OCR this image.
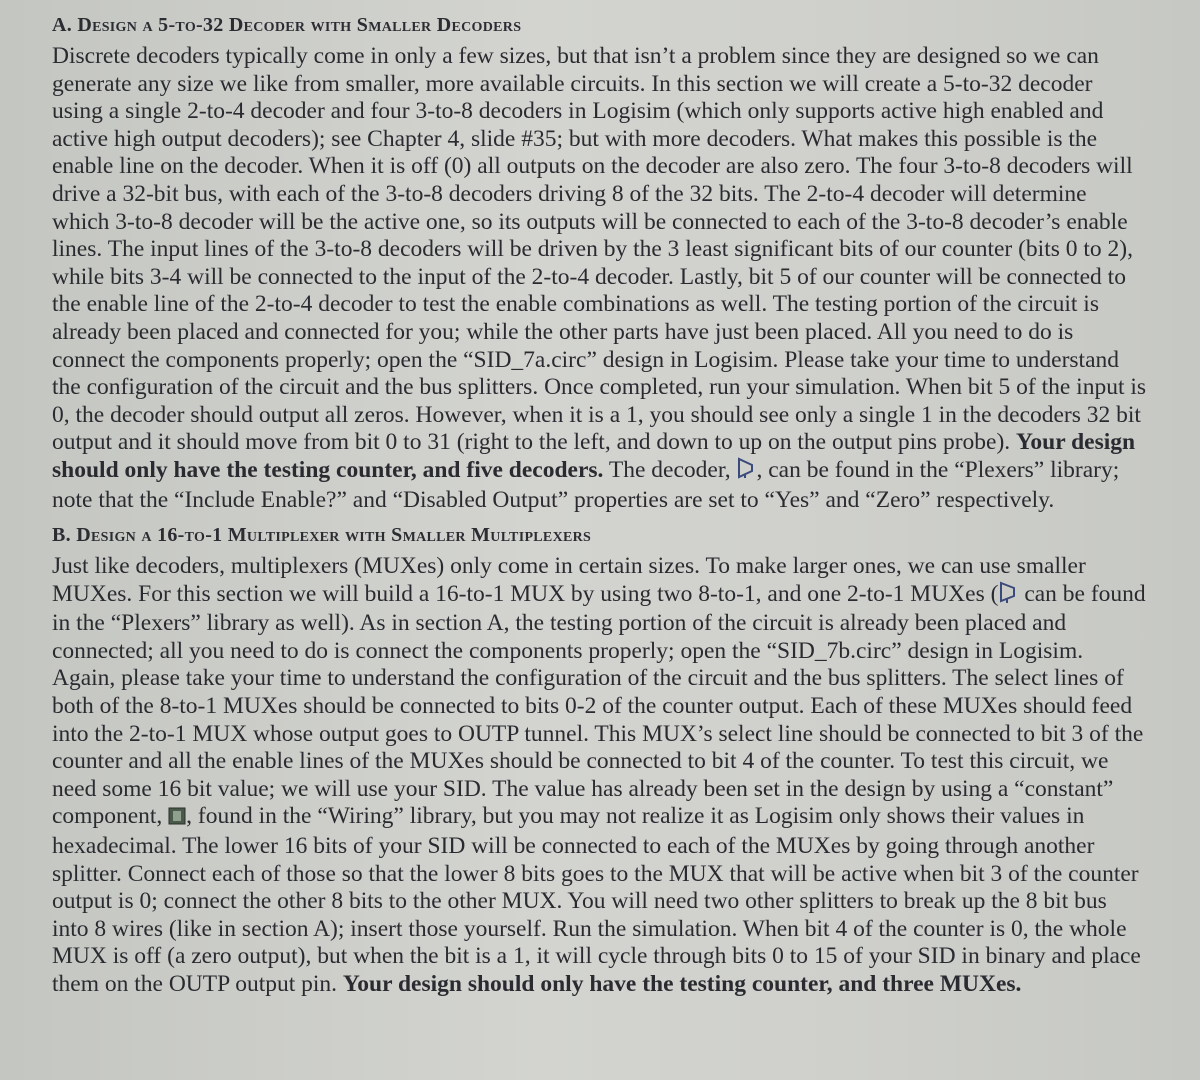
A. Design a 5-to-32 Decoder with Smaller Decoders

Discrete decoders typically come in only a few sizes, but that isn’t a problem since they are designed so we can generate any size we like from smaller, more available circuits. In this section we will create a 5-to-32 decoder using a single 2-to-4 decoder and four 3-to-8 decoders in Logisim (which only supports active high enabled and active high output decoders); see Chapter 4, slide #35; but with more decoders. What makes this possible is the enable line on the decoder. When it is off (0) all outputs on the decoder are also zero. The four 3-to-8 decoders will drive a 32-bit bus, with each of the 3-to-8 decoders driving 8 of the 32 bits. The 2-to-4 decoder will determine which 3-to-8 decoder will be the active one, so its outputs will be connected to each of the 3-to-8 decoder’s enable lines. The input lines of the 3-to-8 decoders will be driven by the 3 least significant bits of our counter (bits 0 to 2), while bits 3-4 will be connected to the input of the 2-to-4 decoder. Lastly, bit 5 of our counter will be connected to the enable line of the 2-to-4 decoder to test the enable combinations as well. The testing portion of the circuit is already been placed and connected for you; while the other parts have just been placed. All you need to do is connect the components properly; open the “SID_7a.circ” design in Logisim. Please take your time to understand the configuration of the circuit and the bus splitters. Once completed, run your simulation. When bit 5 of the input is 0, the decoder should output all zeros. However, when it is a 1, you should see only a single 1 in the decoders 32 bit output and it should move from bit 0 to 31 (right to the left, and down to up on the output pins probe). Your design should only have the testing counter, and five decoders. The decoder, , can be found in the “Plexers” library; note that the “Include Enable?” and “Disabled Output” properties are set to “Yes” and “Zero” respectively.

B. Design a 16-to-1 Multiplexer with Smaller Multiplexers

Just like decoders, multiplexers (MUXes) only come in certain sizes. To make larger ones, we can use smaller MUXes. For this section we will build a 16-to-1 MUX by using two 8-to-1, and one 2-to-1 MUXes ( can be found in the “Plexers” library as well). As in section A, the testing portion of the circuit is already been placed and connected; all you need to do is connect the components properly; open the “SID_7b.circ” design in Logisim. Again, please take your time to understand the configuration of the circuit and the bus splitters. The select lines of both of the 8-to-1 MUXes should be connected to bits 0-2 of the counter output. Each of these MUXes should feed into the 2-to-1 MUX whose output goes to OUTP tunnel. This MUX’s select line should be connected to bit 3 of the counter and all the enable lines of the MUXes should be connected to bit 4 of the counter. To test this circuit, we need some 16 bit value; we will use your SID. The value has already been set in the design by using a “constant” component, , found in the “Wiring” library, but you may not realize it as Logisim only shows their values in hexadecimal. The lower 16 bits of your SID will be connected to each of the MUXes by going through another splitter. Connect each of those so that the lower 8 bits goes to the MUX that will be active when bit 3 of the counter output is 0; connect the other 8 bits to the other MUX. You will need two other splitters to break up the 8 bit bus into 8 wires (like in section A); insert those yourself. Run the simulation. When bit 4 of the counter is 0, the whole MUX is off (a zero output), but when the bit is a 1, it will cycle through bits 0 to 15 of your SID in binary and place them on the OUTP output pin. Your design should only have the testing counter, and three MUXes.
